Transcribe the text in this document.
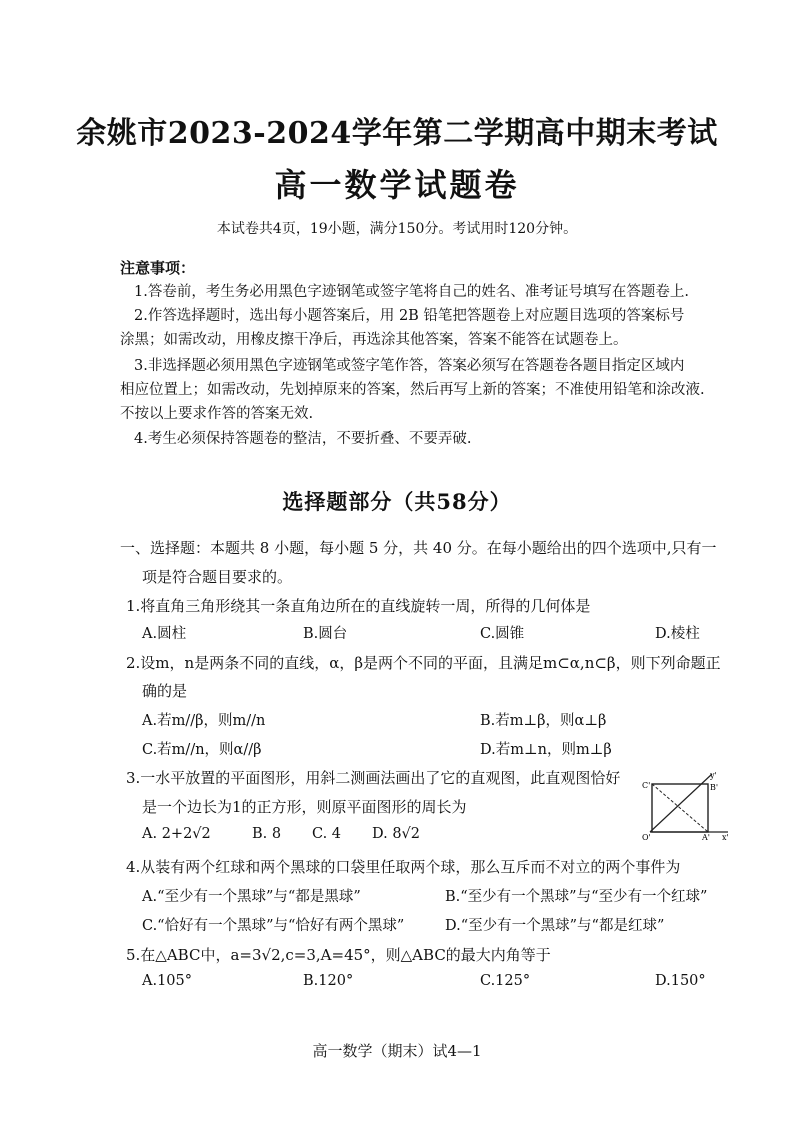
余姚市2023-2024学年第二学期高中期末考试
高一数学试题卷
本试卷共4页，19小题，满分150分。考试用时120分钟。
注意事项：
1.答卷前，考生务必用黑色字迹钢笔或签字笔将自己的姓名、准考证号填写在答题卷上.
2.作答选择题时，选出每小题答案后，用 2B 铅笔把答题卷上对应题目选项的答案标号
涂黑；如需改动，用橡皮擦干净后，再选涂其他答案，答案不能答在试题卷上。
3.非选择题必须用黑色字迹钢笔或签字笔作答，答案必须写在答题卷各题目指定区域内
相应位置上；如需改动，先划掉原来的答案，然后再写上新的答案；不准使用铅笔和涂改液.
不按以上要求作答的答案无效.
4.考生必须保持答题卷的整洁，不要折叠、不要弄破.
选择题部分（共58分）
一、选择题：本题共 8 小题，每小题 5 分，共 40 分。在每小题给出的四个选项中,只有一
项是符合题目要求的。
1.将直角三角形绕其一条直角边所在的直线旋转一周，所得的几何体是
A.圆柱	B.圆台	C.圆锥	D.棱柱
2.设m，n是两条不同的直线，α，β是两个不同的平面，且满足m⊂α,n⊂β，则下列命题正
确的是
A.若m//β，则m//n	B.若m⊥β，则α⊥β
C.若m//n，则α//β	D.若m⊥n，则m⊥β
3.一水平放置的平面图形，用斜二测画法画出了它的直观图，此直观图恰好
是一个边长为1的正方形，则原平面图形的周长为
A. 2+2√2	B. 8 C. 4 D. 8√2
C'	B'
y'
O'	A' x'
4.从装有两个红球和两个黑球的口袋里任取两个球，那么互斥而不对立的两个事件为
A.“至少有一个黑球”与“都是黑球”	B.“至少有一个黑球”与“至少有一个红球”
C.“恰好有一个黑球”与“恰好有两个黑球”	D.“至少有一个黑球”与“都是红球”
5.在△ABC中，a=3√2,c=3,A=45°，则△ABC的最大内角等于
A.105°	B.120°	C.125°	D.150°
高一数学（期末）试4—1
